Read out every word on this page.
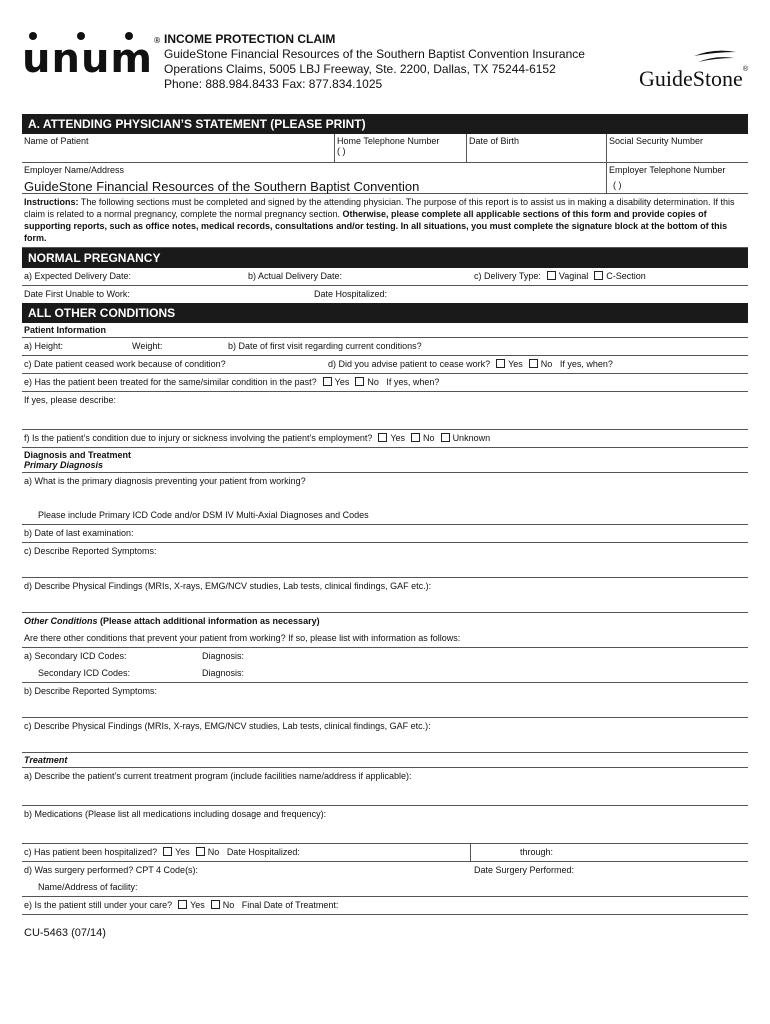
unum® INCOME PROTECTION CLAIM
GuideStone Financial Resources of the Southern Baptist Convention Insurance
Operations Claims, 5005 LBJ Freeway, Ste. 2200, Dallas, TX 75244-6152
Phone: 888.984.8433 Fax: 877.834.1025	GuideStone®
A. ATTENDING PHYSICIAN’S STATEMENT (PLEASE PRINT)
Name of Patient	Home Telephone Number
( )
Date of Birth	Social Security Number
Employer Name/Address
GuideStone Financial Resources of the Southern Baptist Convention
Employer Telephone Number
( )
Instructions: The following sections must be completed and signed by the attending physician. The purpose of this report is to assist us in making a disability determination. If this claim is related to a normal pregnancy, complete the normal pregnancy section. Otherwise, please complete all applicable sections of this form and provide copies of supporting reports, such as office notes, medical records, consultations and/or testing. In all situations, you must complete the signature block at the bottom of this form.
NORMAL PREGNANCY
a) Expected Delivery Date:	b) Actual Delivery Date:	c) Delivery Type: Vaginal C-Section
Date First Unable to Work:	Date Hospitalized:
ALL OTHER CONDITIONS
Patient Information
a) Height:	Weight:	b) Date of first visit regarding current conditions?
c) Date patient ceased work because of condition?	d) Did you advise patient to cease work? Yes No If yes, when?
e) Has the patient been treated for the same/similar condition in the past? Yes No If yes, when?
If yes, please describe:
f) Is the patient’s condition due to injury or sickness involving the patient’s employment? Yes No Unknown
Diagnosis and Treatment
Primary Diagnosis
a) What is the primary diagnosis preventing your patient from working?
Please include Primary ICD Code and/or DSM IV Multi-Axial Diagnoses and Codes
b) Date of last examination:
c) Describe Reported Symptoms:
d) Describe Physical Findings (MRIs, X-rays, EMG/NCV studies, Lab tests, clinical findings, GAF etc.):
Other Conditions (Please attach additional information as necessary)
Are there other conditions that prevent your patient from working? If so, please list with information as follows:
a) Secondary ICD Codes:	Diagnosis:
Secondary ICD Codes:	Diagnosis:
b) Describe Reported Symptoms:
c) Describe Physical Findings (MRIs, X-rays, EMG/NCV studies, Lab tests, clinical findings, GAF etc.):
Treatment
a) Describe the patient’s current treatment program (include facilities name/address if applicable):
b) Medications (Please list all medications including dosage and frequency):
c) Has patient been hospitalized? Yes No Date Hospitalized:	through:
d) Was surgery performed? CPT 4 Code(s):	Date Surgery Performed:
Name/Address of facility:
e) Is the patient still under your care? Yes No Final Date of Treatment:
CU-5463 (07/14)
